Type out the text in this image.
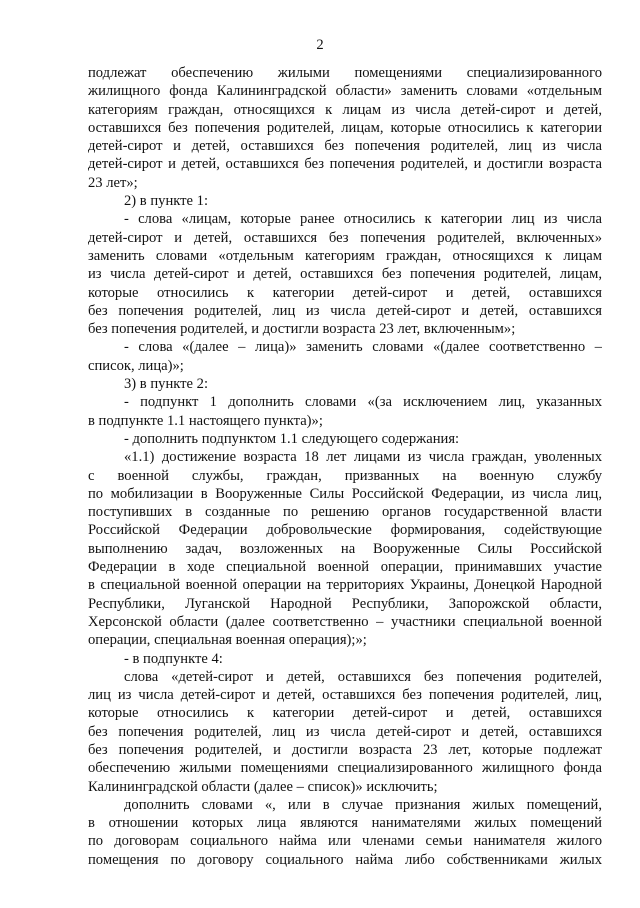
2
подлежат обеспечению жилыми помещениями специализированного
жилищного фонда Калининградской области» заменить словами «отдельным
категориям граждан, относящихся к лицам из числа детей-сирот и детей,
оставшихся без попечения родителей, лицам, которые относились к категории
детей-сирот и детей, оставшихся без попечения родителей, лиц из числа
детей-сирот и детей, оставшихся без попечения родителей, и достигли возраста
23 лет»;
2) в пункте 1:
- слова «лицам, которые ранее относились к категории лиц из числа
детей-сирот и детей, оставшихся без попечения родителей, включенных»
заменить словами «отдельным категориям граждан, относящихся к лицам
из числа детей-сирот и детей, оставшихся без попечения родителей, лицам,
которые относились к категории детей-сирот и детей, оставшихся
без попечения родителей, лиц из числа детей-сирот и детей, оставшихся
без попечения родителей, и достигли возраста 23 лет, включенным»;
- слова «(далее – лица)» заменить словами «(далее соответственно –
список, лица)»;
3) в пункте 2:
- подпункт 1 дополнить словами «(за исключением лиц, указанных
в подпункте 1.1 настоящего пункта)»;
- дополнить подпунктом 1.1 следующего содержания:
«1.1) достижение возраста 18 лет лицами из числа граждан, уволенных
с военной службы, граждан, призванных на военную службу
по мобилизации в Вооруженные Силы Российской Федерации, из числа лиц,
поступивших в созданные по решению органов государственной власти
Российской Федерации добровольческие формирования, содействующие
выполнению задач, возложенных на Вооруженные Силы Российской
Федерации в ходе специальной военной операции, принимавших участие
в специальной военной операции на территориях Украины, Донецкой Народной
Республики, Луганской Народной Республики, Запорожской области,
Херсонской области (далее соответственно – участники специальной военной
операции, специальная военная операция);»;
- в подпункте 4:
слова «детей-сирот и детей, оставшихся без попечения родителей,
лиц из числа детей-сирот и детей, оставшихся без попечения родителей, лиц,
которые относились к категории детей-сирот и детей, оставшихся
без попечения родителей, лиц из числа детей-сирот и детей, оставшихся
без попечения родителей, и достигли возраста 23 лет, которые подлежат
обеспечению жилыми помещениями специализированного жилищного фонда
Калининградской области (далее – список)» исключить;
дополнить словами «, или в случае признания жилых помещений,
в отношении которых лица являются нанимателями жилых помещений
по договорам социального найма или членами семьи нанимателя жилого
помещения по договору социального найма либо собственниками жилых
